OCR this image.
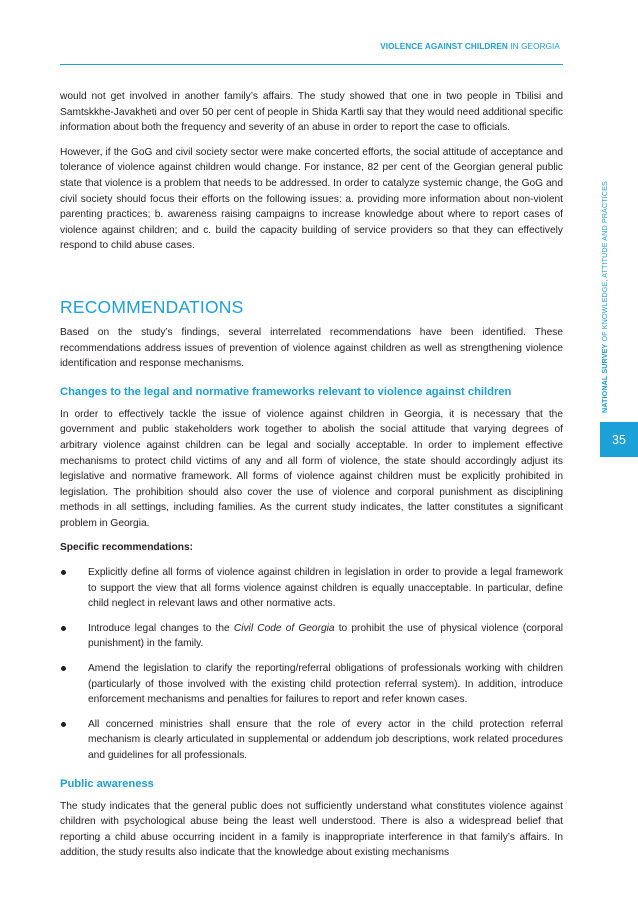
VIOLENCE AGAINST CHILDREN IN GEORGIA
NATIONAL SURVEY OF KNOWLEDGE, ATTITUDE AND PRACTICES
35

would not get involved in another family’s affairs. The study showed that one in two people in Tbilisi and Samtskkhe-Javakheti and over 50 per cent of people in Shida Kartli say that they would need additional specific information about both the frequency and severity of an abuse in order to report the case to officials.

However, if the GoG and civil society sector were make concerted efforts, the social attitude of acceptance and tolerance of violence against children would change. For instance, 82 per cent of the Georgian general public state that violence is a problem that needs to be addressed. In order to catalyze systemic change, the GoG and civil society should focus their efforts on the following issues: a. providing more information about non-violent parenting practices; b. awareness raising campaigns to increase knowledge about where to report cases of violence against children; and c. build the capacity building of service providers so that they can effectively respond to child abuse cases.

RECOMMENDATIONS

Based on the study’s findings, several interrelated recommendations have been identified. These recommendations address issues of prevention of violence against children as well as strengthening violence identification and response mechanisms.

Changes to the legal and normative frameworks relevant to violence against children

In order to effectively tackle the issue of violence against children in Georgia, it is necessary that the government and public stakeholders work together to abolish the social attitude that varying degrees of arbitrary violence against children can be legal and socially acceptable. In order to implement effective mechanisms to protect child victims of any and all form of violence, the state should accordingly adjust its legislative and normative framework. All forms of violence against children must be explicitly prohibited in legislation. The prohibition should also cover the use of violence and corporal punishment as disciplining methods in all settings, including families. As the current study indicates, the latter constitutes a significant problem in Georgia.

Specific recommendations:

Explicitly define all forms of violence against children in legislation in order to provide a legal framework to support the view that all forms violence against children is equally unacceptable. In particular, define child neglect in relevant laws and other normative acts.
Introduce legal changes to the Civil Code of Georgia to prohibit the use of physical violence (corporal punishment) in the family.
Amend the legislation to clarify the reporting/referral obligations of professionals working with children (particularly of those involved with the existing child protection referral system). In addition, introduce enforcement mechanisms and penalties for failures to report and refer known cases.
All concerned ministries shall ensure that the role of every actor in the child protection referral mechanism is clearly articulated in supplemental or addendum job descriptions, work related procedures and guidelines for all professionals.
Public awareness

The study indicates that the general public does not sufficiently understand what constitutes violence against children with psychological abuse being the least well understood. There is also a widespread belief that reporting a child abuse occurring incident in a family is inappropriate interference in that family’s affairs. In addition, the study results also indicate that the knowledge about existing mechanisms
